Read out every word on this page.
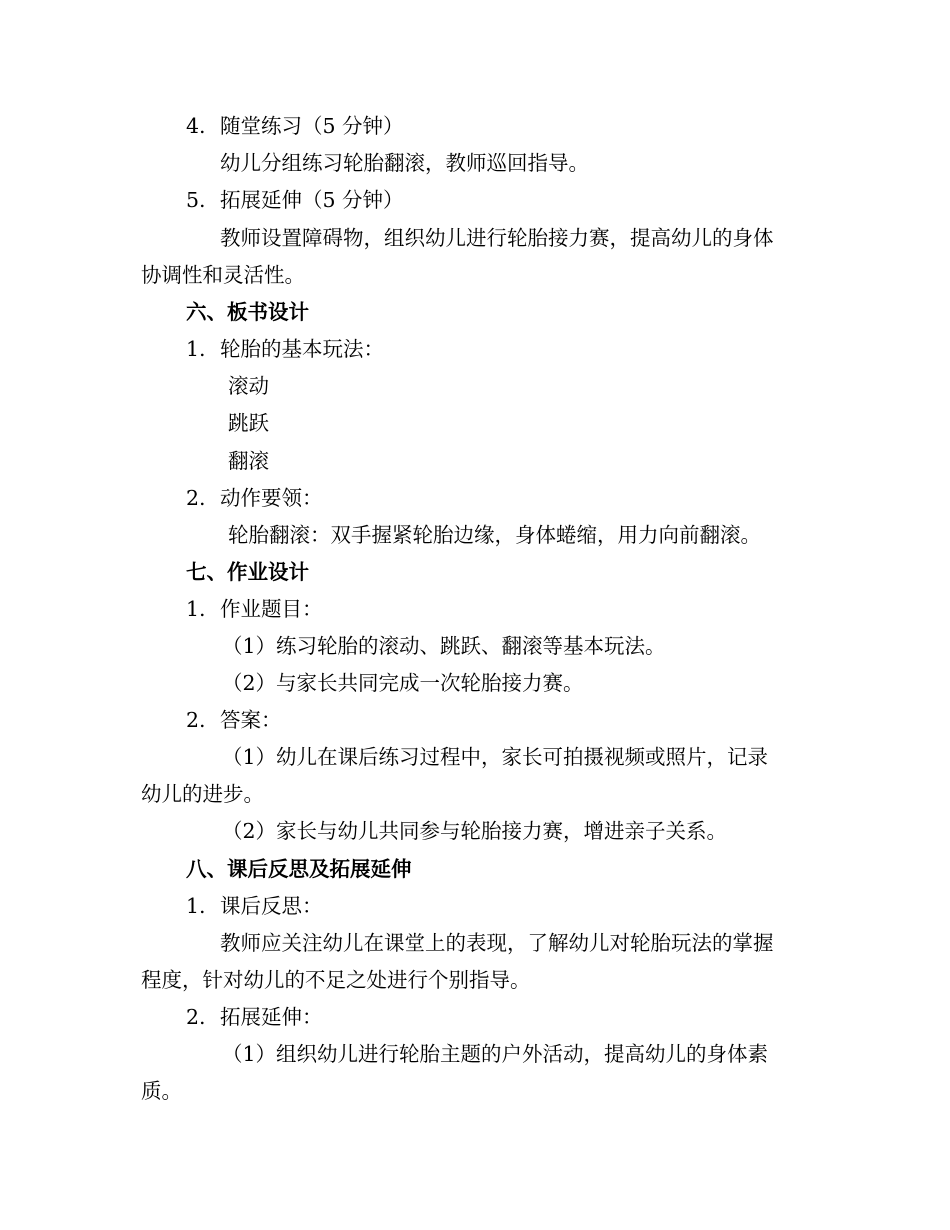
4. 随堂练习（5 分钟）
幼儿分组练习轮胎翻滚，教师巡回指导。
5. 拓展延伸（5 分钟）
教师设置障碍物，组织幼儿进行轮胎接力赛，提高幼儿的身体
协调性和灵活性。
六、板书设计
1. 轮胎的基本玩法：
滚动
跳跃
翻滚
2. 动作要领：
轮胎翻滚：双手握紧轮胎边缘，身体蜷缩，用力向前翻滚。
七、作业设计
1. 作业题目：
（1）练习轮胎的滚动、跳跃、翻滚等基本玩法。
（2）与家长共同完成一次轮胎接力赛。
2. 答案：
（1）幼儿在课后练习过程中，家长可拍摄视频或照片，记录
幼儿的进步。
（2）家长与幼儿共同参与轮胎接力赛，增进亲子关系。
八、课后反思及拓展延伸
1. 课后反思：
教师应关注幼儿在课堂上的表现，了解幼儿对轮胎玩法的掌握
程度，针对幼儿的不足之处进行个别指导。
2. 拓展延伸：
（1）组织幼儿进行轮胎主题的户外活动，提高幼儿的身体素
质。
